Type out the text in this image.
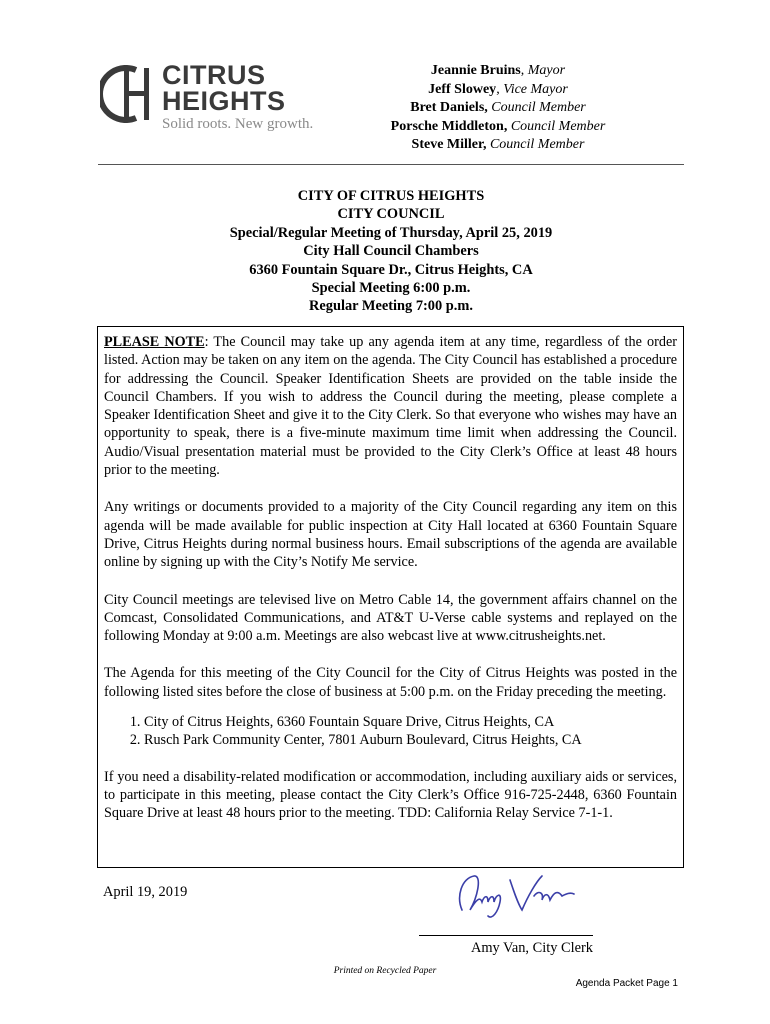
CITRUS
HEIGHTS
Solid roots. New growth.
Jeannie Bruins, Mayor
Jeff Slowey, Vice Mayor
Bret Daniels, Council Member
Porsche Middleton, Council Member
Steve Miller, Council Member
CITY OF CITRUS HEIGHTS
CITY COUNCIL
Special/Regular Meeting of Thursday, April 25, 2019
City Hall Council Chambers
6360 Fountain Square Dr., Citrus Heights, CA
Special Meeting 6:00 p.m.
Regular Meeting 7:00 p.m.

PLEASE NOTE: The Council may take up any agenda item at any time, regardless of the order listed. Action may be taken on any item on the agenda. The City Council has established a procedure for addressing the Council. Speaker Identification Sheets are provided on the table inside the Council Chambers. If you wish to address the Council during the meeting, please complete a Speaker Identification Sheet and give it to the City Clerk. So that everyone who wishes may have an opportunity to speak, there is a five-minute maximum time limit when addressing the Council. Audio/Visual presentation material must be provided to the City Clerk’s Office at least 48 hours prior to the meeting.

Any writings or documents provided to a majority of the City Council regarding any item on this agenda will be made available for public inspection at City Hall located at 6360 Fountain Square Drive, Citrus Heights during normal business hours. Email subscriptions of the agenda are available online by signing up with the City’s Notify Me service.

City Council meetings are televised live on Metro Cable 14, the government affairs channel on the Comcast, Consolidated Communications, and AT&T U-Verse cable systems and replayed on the following Monday at 9:00 a.m. Meetings are also webcast live at www.citrusheights.net.

The Agenda for this meeting of the City Council for the City of Citrus Heights was posted in the following listed sites before the close of business at 5:00 p.m. on the Friday preceding the meeting.

1. City of Citrus Heights, 6360 Fountain Square Drive, Citrus Heights, CA
2. Rusch Park Community Center, 7801 Auburn Boulevard, Citrus Heights, CA

If you need a disability-related modification or accommodation, including auxiliary aids or services, to participate in this meeting, please contact the City Clerk’s Office 916-725-2448, 6360 Fountain Square Drive at least 48 hours prior to the meeting. TDD: California Relay Service 7-1-1.

April 19, 2019
Amy Van, City Clerk
Printed on Recycled Paper
Agenda Packet Page 1
